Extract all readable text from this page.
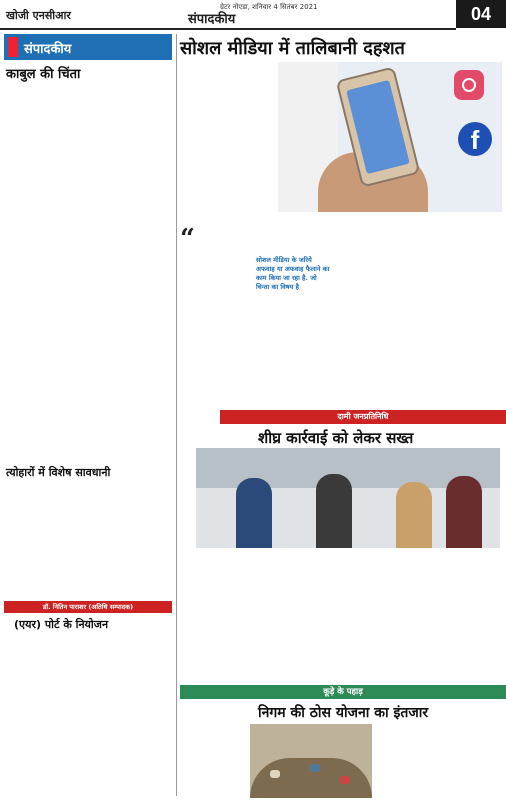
खोजी एनसीआर
ग्रेटर नोएडा, शनिवार 4 सितंबर 2021
संपादकीय	04
संपादकीय
काबुल की चिंता
त्योहारों में विशेष सावधानी
डॉ. नितिन पाराशर (अतिथि सम्पादक)
(एयर) पोर्ट के नियोजन
सोशल मीडिया में तालिबानी दहशत
f
“
सोशल मीडिया के जरिये अफवाह या अफवाह फैलाने का काम किया जा रहा है. जो चिन्ता का विषय है
दामी जनप्रतिनिधि
शीघ्र कार्रवाई को लेकर सख्त
कूड़े के पहाड़
निगम की ठोस योजना का इंतजार
